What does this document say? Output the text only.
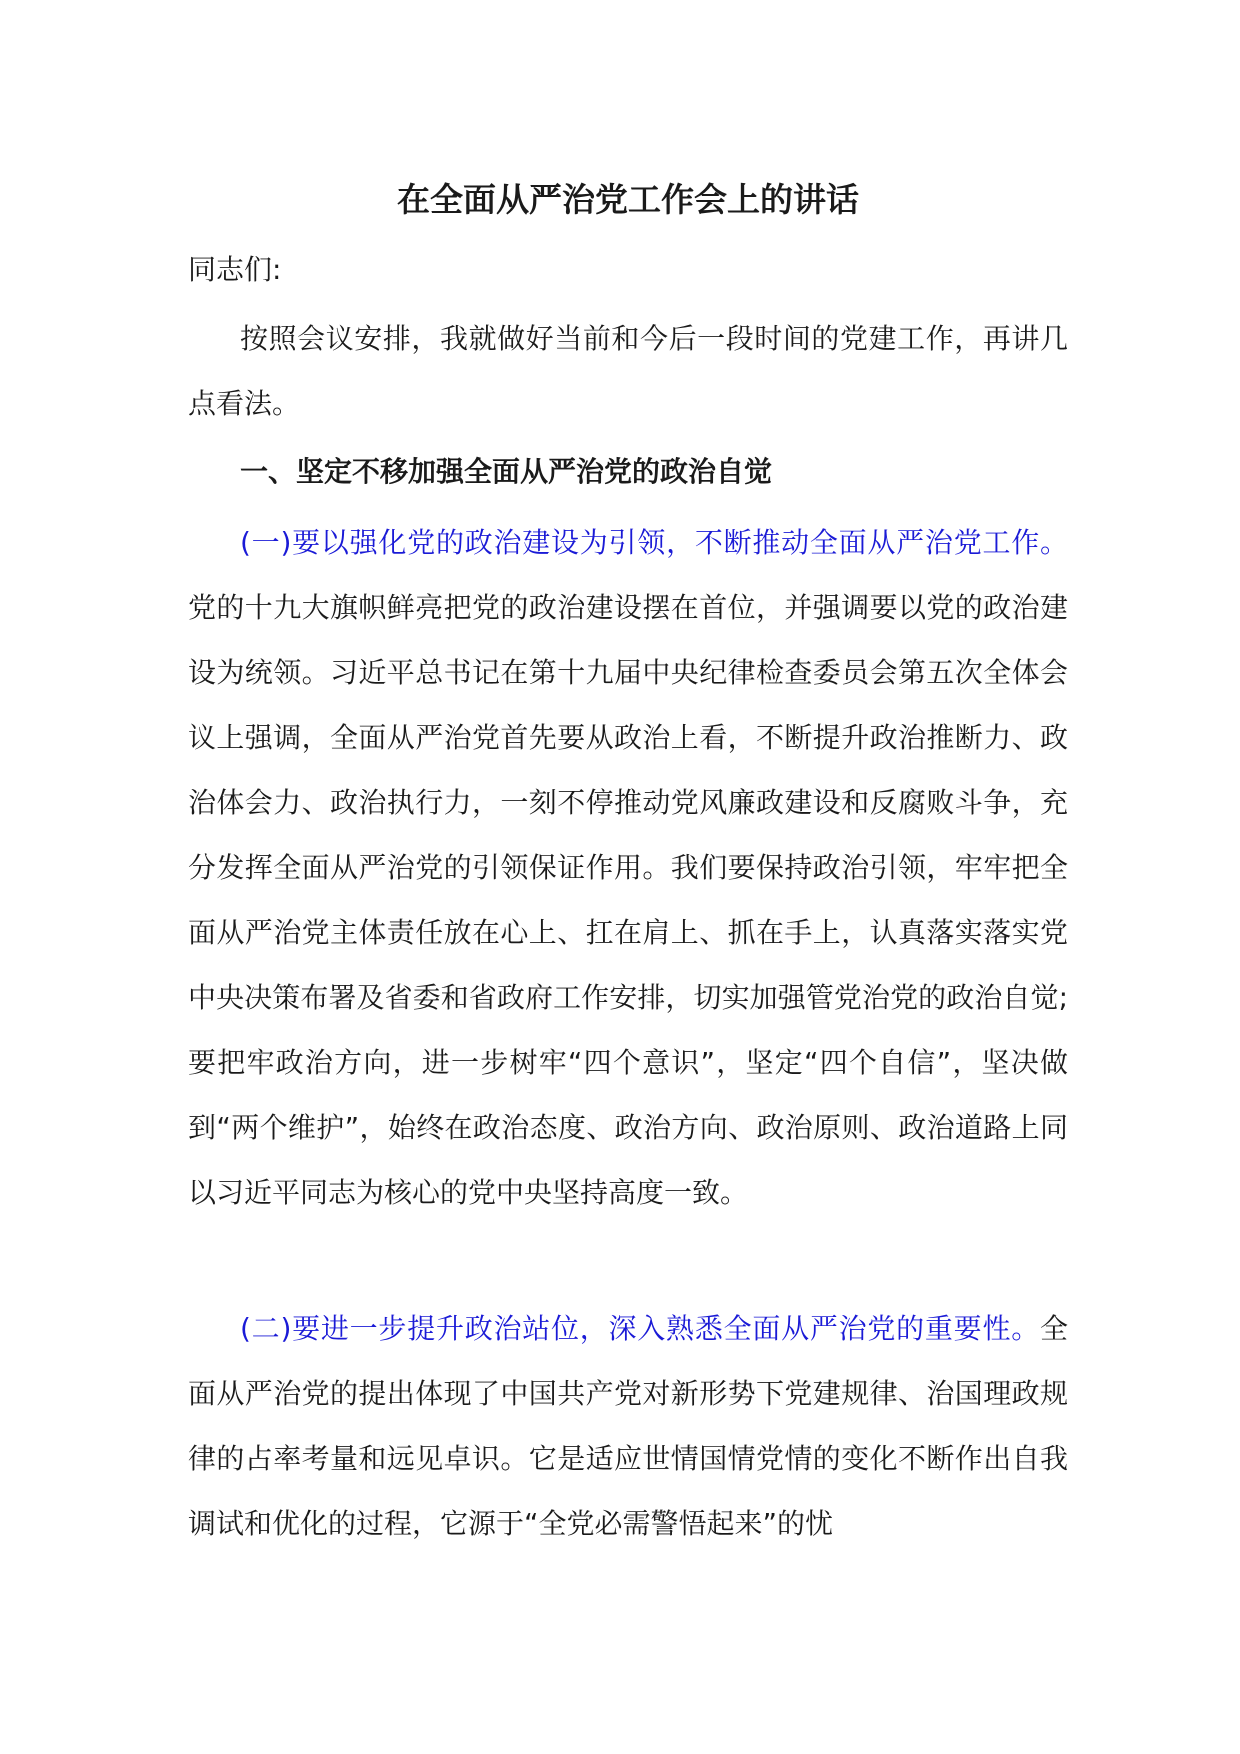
在全面从严治党工作会上的讲话

同志们:

按照会议安排，我就做好当前和今后一段时间的党建工作，再讲几点看法。

一、坚定不移加强全面从严治党的政治自觉

(一)要以强化党的政治建设为引领，不断推动全面从严治党工作。党的十九大旗帜鲜亮把党的政治建设摆在首位，并强调要以党的政治建设为统领。习近平总书记在第十九届中央纪律检查委员会第五次全体会议上强调，全面从严治党首先要从政治上看，不断提升政治推断力、政治体会力、政治执行力，一刻不停推动党风廉政建设和反腐败斗争，充分发挥全面从严治党的引领保证作用。我们要保持政治引领，牢牢把全面从严治党主体责任放在心上、扛在肩上、抓在手上，认真落实落实党中央决策布署及省委和省政府工作安排，切实加强管党治党的政治自觉;要把牢政治方向，进一步树牢“四个意识”，坚定“四个自信”，坚决做到“两个维护”，始终在政治态度、政治方向、政治原则、政治道路上同以习近平同志为核心的党中央坚持高度一致。

(二)要进一步提升政治站位，深入熟悉全面从严治党的重要性。全面从严治党的提出体现了中国共产党对新形势下党建规律、治国理政规律的占率考量和远见卓识。它是适应世情国情党情的变化不断作出自我调试和优化的过程，它源于“全党必需警悟起来”的忧
